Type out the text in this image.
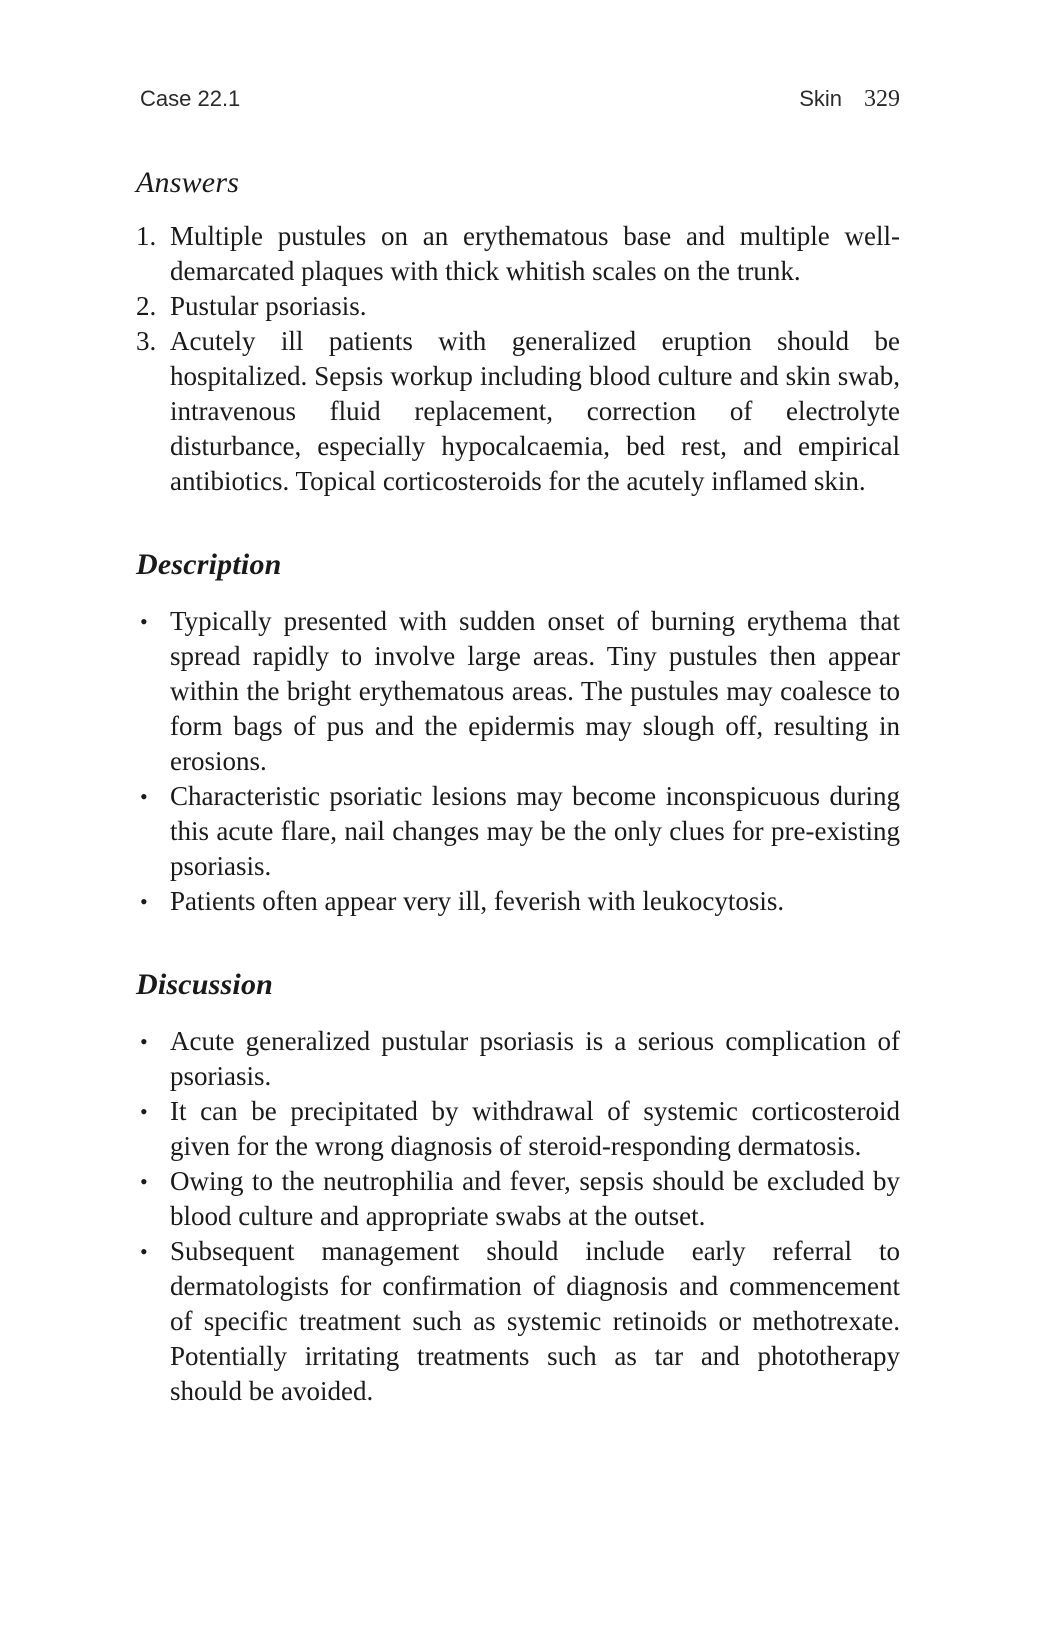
Case 22.1	Skin 329
Answers
1. Multiple pustules on an erythematous base and multiple well-demarcated plaques with thick whitish scales on the trunk.
2. Pustular psoriasis.
3. Acutely ill patients with generalized eruption should be hospitalized. Sepsis workup including blood culture and skin swab, intravenous fluid replacement, correction of electrolyte disturbance, especially hypocalcaemia, bed rest, and empirical antibiotics. Topical corticosteroids for the acutely inflamed skin.
Description
• Typically presented with sudden onset of burning erythema that spread rapidly to involve large areas. Tiny pustules then appear within the bright erythematous areas. The pustules may coalesce to form bags of pus and the epidermis may slough off, resulting in erosions.
• Characteristic psoriatic lesions may become inconspicuous during this acute flare, nail changes may be the only clues for pre-existing psoriasis.
• Patients often appear very ill, feverish with leukocytosis.
Discussion
• Acute generalized pustular psoriasis is a serious complication of psoriasis.
• It can be precipitated by withdrawal of systemic corticosteroid given for the wrong diagnosis of steroid-responding dermatosis.
• Owing to the neutrophilia and fever, sepsis should be excluded by blood culture and appropriate swabs at the outset.
• Subsequent management should include early referral to dermatologists for confirmation of diagnosis and commencement of specific treatment such as systemic retinoids or methotrexate. Potentially irritating treatments such as tar and phototherapy should be avoided.
